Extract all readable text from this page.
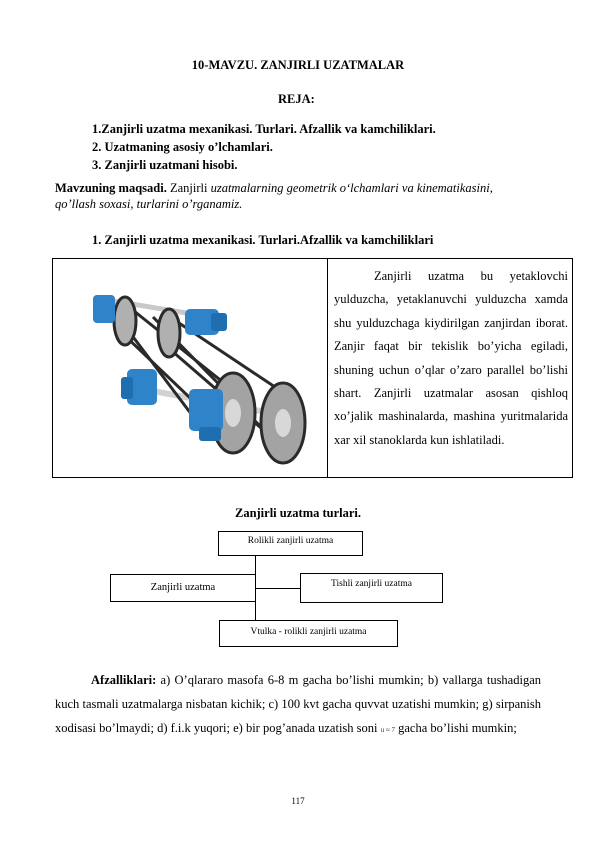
10-MAVZU. ZANJIRLI UZATMALAR
REJA:
1.Zanjirli uzatma mexanikasi. Turlari. Afzallik va kamchiliklari.
2. Uzatmaning asosiy o’lchamlari.
3. Zanjirli uzatmani hisobi.
Mavzuning maqsadi. Zanjirli uzatmalarning geometrik o‘lchamlari va kinematikasini, qo’llash soxasi, turlarini o’rganamiz.
1. Zanjirli uzatma mexanikasi. Turlari.Afzallik va kamchiliklari
Zanjirli uzatma bu yetaklovchi yulduzcha, yetaklanuvchi yulduzcha xamda shu yulduzchaga kiydirilgan zanjirdan iborat. Zanjir faqat bir tekislik bo’yicha egiladi, shuning uchun o’qlar o’zaro parallel bo’lishi shart. Zanjirli uzatmalar asosan qishloq xo’jalik mashinalarda, mashina yuritmalarida xar xil stanoklarda kun ishlatiladi.
Zanjirli uzatma turlari.
Rolikli zanjirli uzatma
Zanjirli uzatma	Tishli zanjirli uzatma
Vtulka - rolikli zanjirli uzatma
Afzalliklari: a) O’qlararo masofa 6-8 m gacha bo’lishi mumkin; b) vallarga tushadigan kuch tasmali uzatmalarga nisbatan kichik; c) 100 kvt gacha quvvat uzatishi mumkin; g) sirpanish xodisasi bo’lmaydi; d) f.i.k yuqori; e) bir pog’anada uzatish soni u ≈ 7 gacha bo’lishi mumkin;
117
